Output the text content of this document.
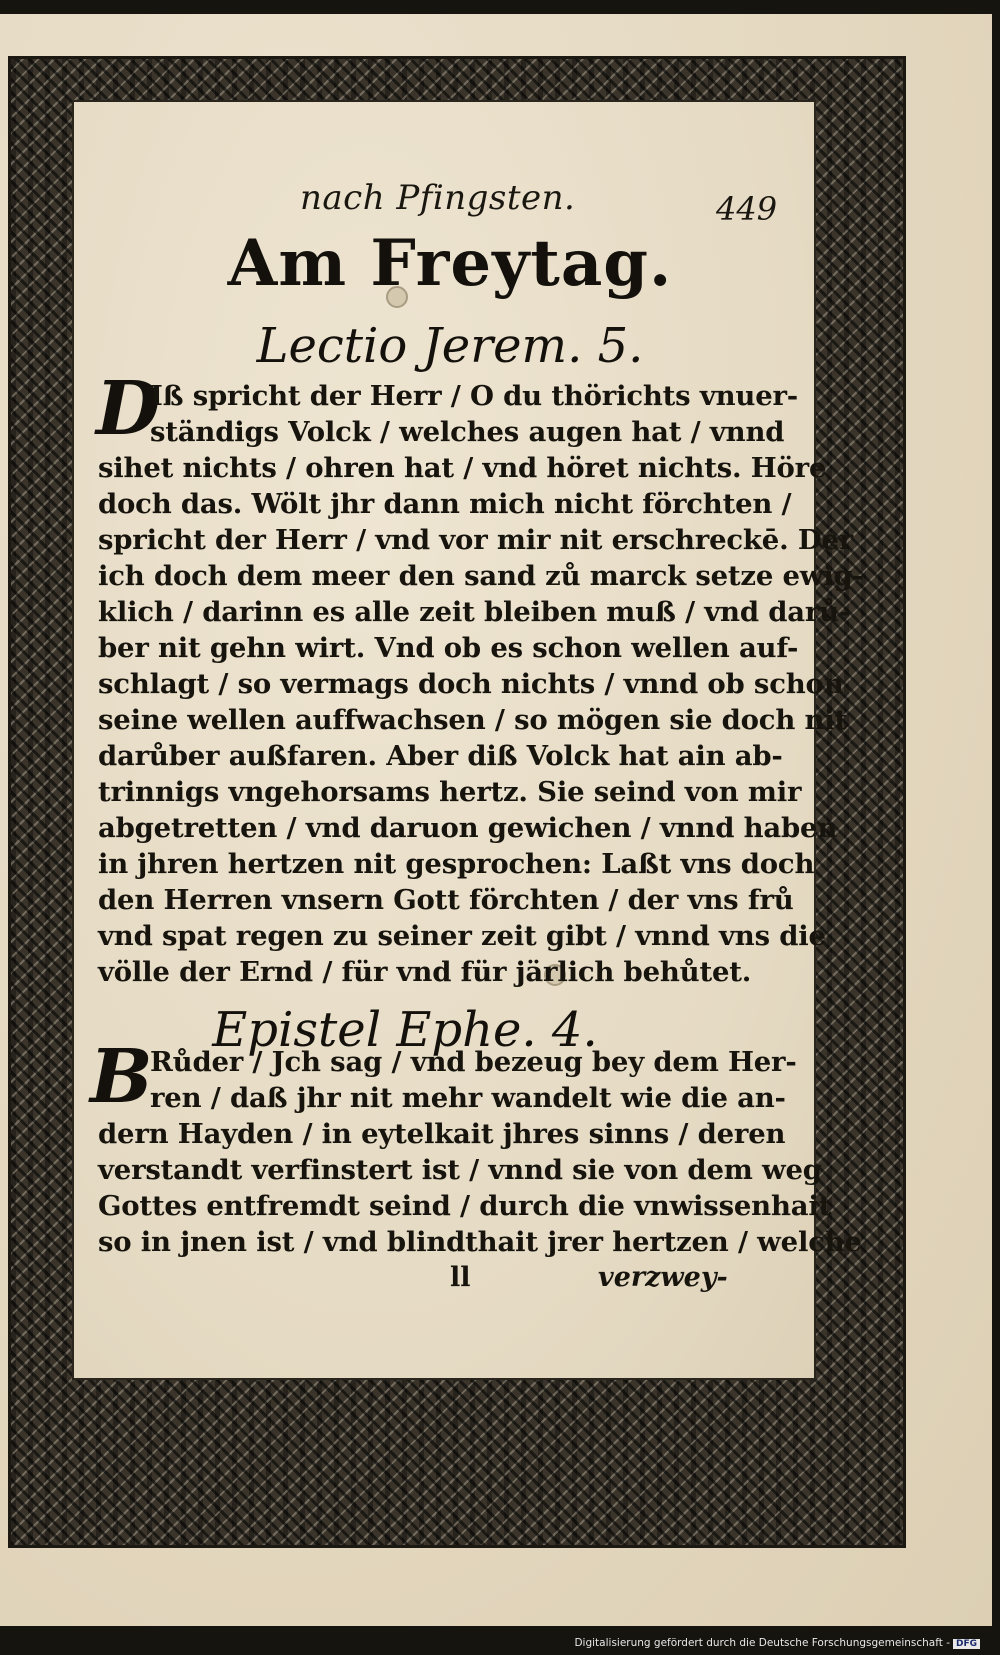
nach Pfingsten.	449
Am Freytag.
Lectio Jerem. 5.
D
Iß spricht der Herr / O du thörichts vnuer-
ständigs Volck / welches augen hat / vnnd
sihet nichts / ohren hat / vnd höret nichts. Höre
doch das. Wölt jhr dann mich nicht förchten /
spricht der Herr / vnd vor mir nit erschreckē. Der
ich doch dem meer den sand zů marck setze ewig-
klich / darinn es alle zeit bleiben muß / vnd darů-
ber nit gehn wirt. Vnd ob es schon wellen auf-
schlagt / so vermags doch nichts / vnnd ob schon
seine wellen auffwachsen / so mögen sie doch nit
darůber außfaren. Aber diß Volck hat ain ab-
trinnigs vngehorsams hertz. Sie seind von mir
abgetretten / vnd daruon gewichen / vnnd haben
in jhren hertzen nit gesprochen: Laßt vns doch
den Herren vnsern Gott förchten / der vns frů
vnd spat regen zu seiner zeit gibt / vnnd vns die
völle der Ernd / für vnd für järlich behůtet.
Epistel Ephe. 4.
B
Růder / Jch sag / vnd bezeug bey dem Her-
ren / daß jhr nit mehr wandelt wie die an-
dern Hayden / in eytelkait jhres sinns / deren
verstandt verfinstert ist / vnnd sie von dem weg
Gottes entfremdt seind / durch die vnwissenhait
so in jnen ist / vnd blindthait jrer hertzen / welche
ll	verzwey-
Digitalisierung gefördert durch die Deutsche Forschungsgemeinschaft - DFG
